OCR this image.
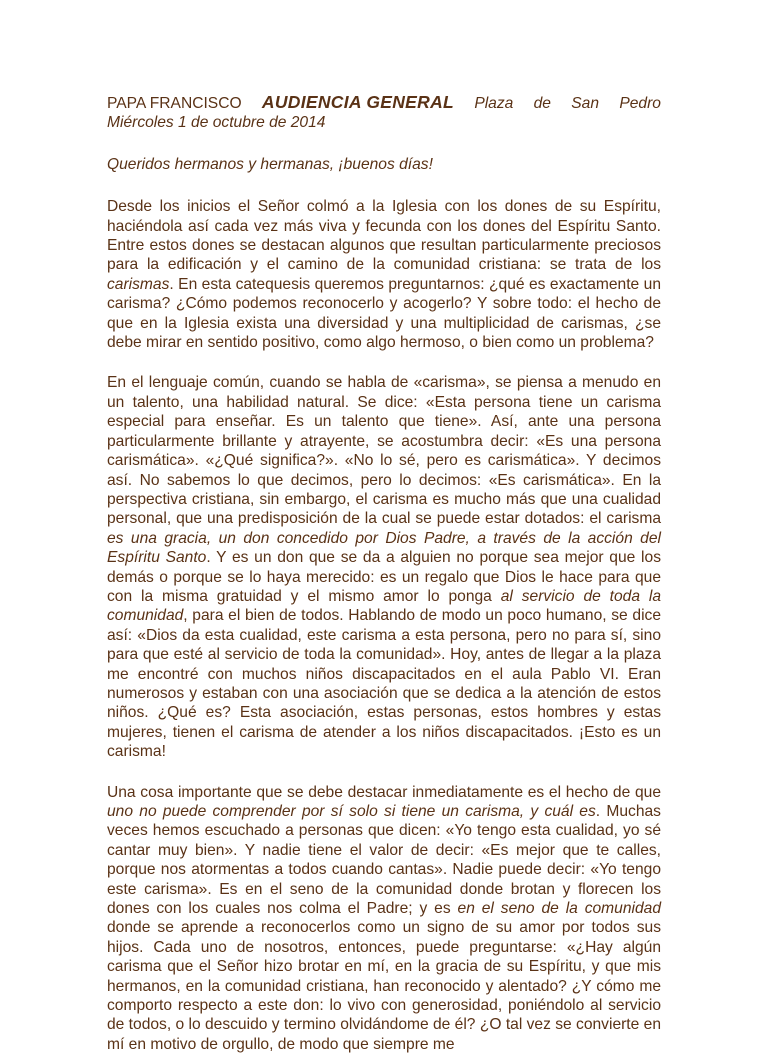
PAPA FRANCISCO AUDIENCIA GENERAL Plaza de San Pedro

Miércoles 1 de octubre de 2014

Queridos hermanos y hermanas, ¡buenos días!

Desde los inicios el Señor colmó a la Iglesia con los dones de su Espíritu, haciéndola así cada vez más viva y fecunda con los dones del Espíritu Santo. Entre estos dones se destacan algunos que resultan particularmente preciosos para la edificación y el camino de la comunidad cristiana: se trata de los carismas. En esta catequesis queremos preguntarnos: ¿qué es exactamente un carisma? ¿Cómo podemos reconocerlo y acogerlo? Y sobre todo: el hecho de que en la Iglesia exista una diversidad y una multiplicidad de carismas, ¿se debe mirar en sentido positivo, como algo hermoso, o bien como un problema?

En el lenguaje común, cuando se habla de «carisma», se piensa a menudo en un talento, una habilidad natural. Se dice: «Esta persona tiene un carisma especial para enseñar. Es un talento que tiene». Así, ante una persona particularmente brillante y atrayente, se acostumbra decir: «Es una persona carismática». «¿Qué significa?». «No lo sé, pero es carismática». Y decimos así. No sabemos lo que decimos, pero lo decimos: «Es carismática». En la perspectiva cristiana, sin embargo, el carisma es mucho más que una cualidad personal, que una predisposición de la cual se puede estar dotados: el carisma es una gracia, un don concedido por Dios Padre, a través de la acción del Espíritu Santo. Y es un don que se da a alguien no porque sea mejor que los demás o porque se lo haya merecido: es un regalo que Dios le hace para que con la misma gratuidad y el mismo amor lo ponga al servicio de toda la comunidad, para el bien de todos. Hablando de modo un poco humano, se dice así: «Dios da esta cualidad, este carisma a esta persona, pero no para sí, sino para que esté al servicio de toda la comunidad». Hoy, antes de llegar a la plaza me encontré con muchos niños discapacitados en el aula Pablo VI. Eran numerosos y estaban con una asociación que se dedica a la atención de estos niños. ¿Qué es? Esta asociación, estas personas, estos hombres y estas mujeres, tienen el carisma de atender a los niños discapacitados. ¡Esto es un carisma!

Una cosa importante que se debe destacar inmediatamente es el hecho de que uno no puede comprender por sí solo si tiene un carisma, y cuál es. Muchas veces hemos escuchado a personas que dicen: «Yo tengo esta cualidad, yo sé cantar muy bien». Y nadie tiene el valor de decir: «Es mejor que te calles, porque nos atormentas a todos cuando cantas». Nadie puede decir: «Yo tengo este carisma». Es en el seno de la comunidad donde brotan y florecen los dones con los cuales nos colma el Padre; y es en el seno de la comunidad donde se aprende a reconocerlos como un signo de su amor por todos sus hijos. Cada uno de nosotros, entonces, puede preguntarse: «¿Hay algún carisma que el Señor hizo brotar en mí, en la gracia de su Espíritu, y que mis hermanos, en la comunidad cristiana, han reconocido y alentado? ¿Y cómo me comporto respecto a este don: lo vivo con generosidad, poniéndolo al servicio de todos, o lo descuido y termino olvidándome de él? ¿O tal vez se convierte en mí en motivo de orgullo, de modo que siempre me
